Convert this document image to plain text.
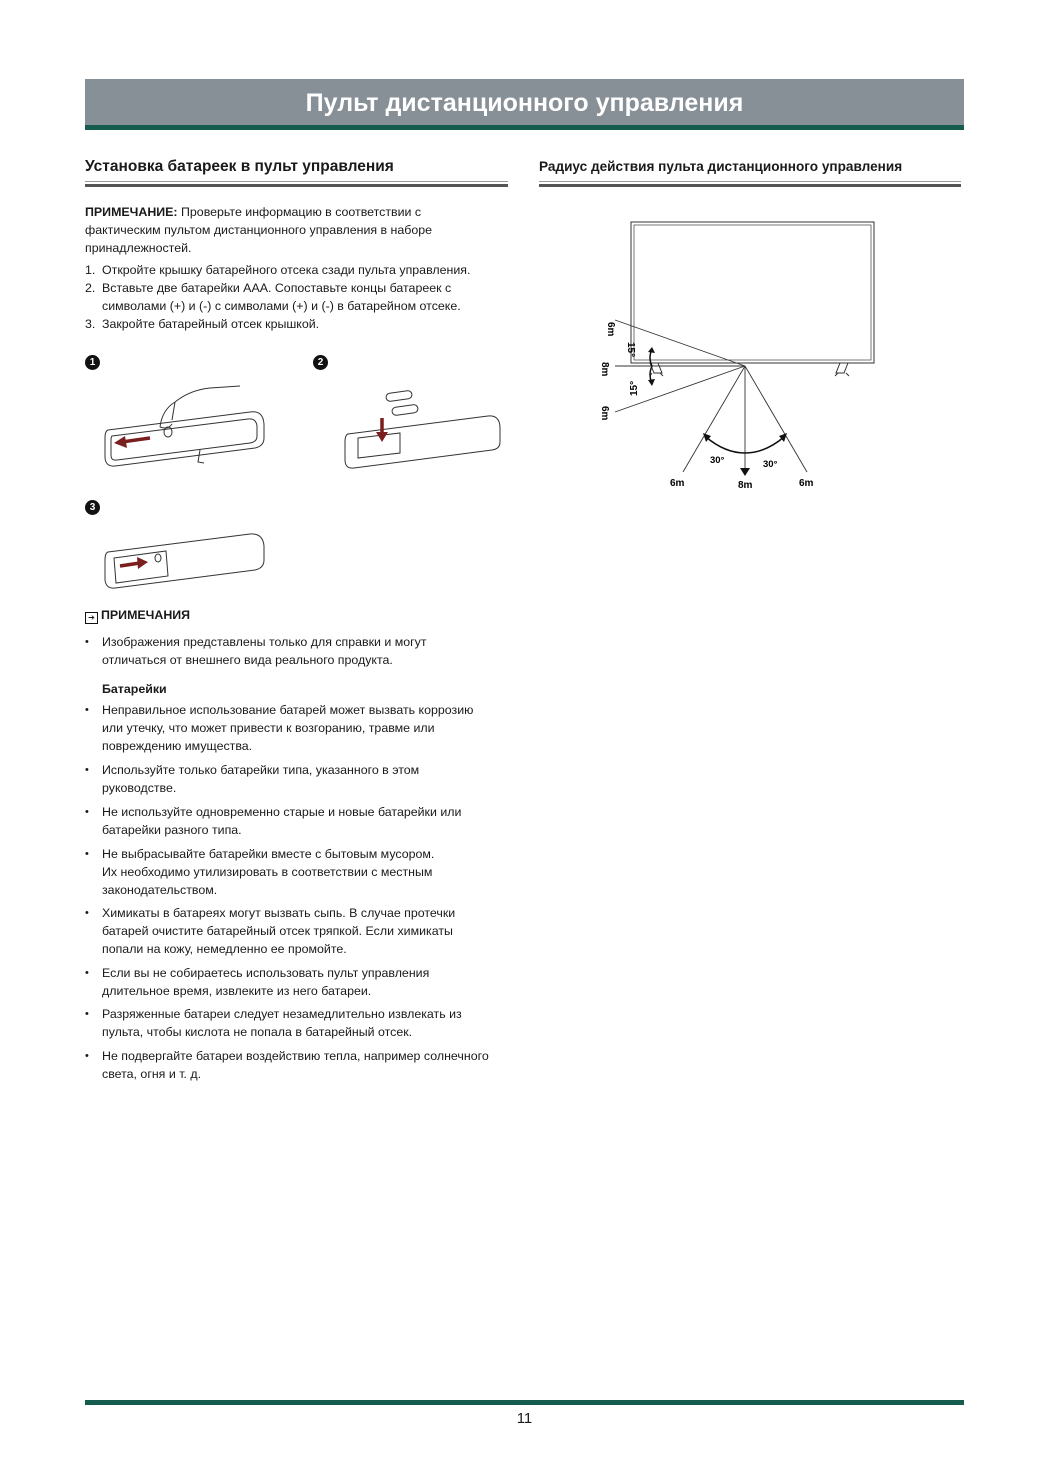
Пульт дистанционного управления
Установка батареек в пульт управления	Радиус действия пульта дистанционного управления

ПРИМЕЧАНИЕ: Проверьте информацию в соответствии с

фактическим пультом дистанционного управления в наборе

принадлежностей.

1. Откройте крышку батарейного отсека сзади пульта управления.
2. Вставьте две батарейки AAA. Сопоставьте концы батареек с
символами (+) и (-) с символами (+) и (-) в батарейном отсеке.
3. Закройте батарейный отсек крышкой.
1	2
3
➔ ПРИМЕЧАНИЯ
•	Изображения представлены только для справки и могут
отличаться от внешнего вида реального продукта.
Батарейки
•	Неправильное использование батарей может вызвать коррозию
или утечку, что может привести к возгоранию, травме или
повреждению имущества.
•	Используйте только батарейки типа, указанного в этом
руководстве.
•	Не используйте одновременно старые и новые батарейки или
батарейки разного типа.
•	Не выбрасывайте батарейки вместе с бытовым мусором.
Их необходимо утилизировать в соответствии с местным
законодательством.
•	Химикаты в батареях могут вызвать сыпь. В случае протечки
батарей очистите батарейный отсек тряпкой. Если химикаты
попали на кожу, немедленно ее промойте.
•	Если вы не собираетесь использовать пульт управления
длительное время, извлеките из него батареи.
•	Разряженные батареи следует незамедлительно извлекать из
пульта, чтобы кислота не попала в батарейный отсек.
•	Не подвергайте батареи воздействию тепла, например солнечного
света, огня и т. д.
6m
8m
6m
15°
15°
30°	30°
6m	8m	6m
11
